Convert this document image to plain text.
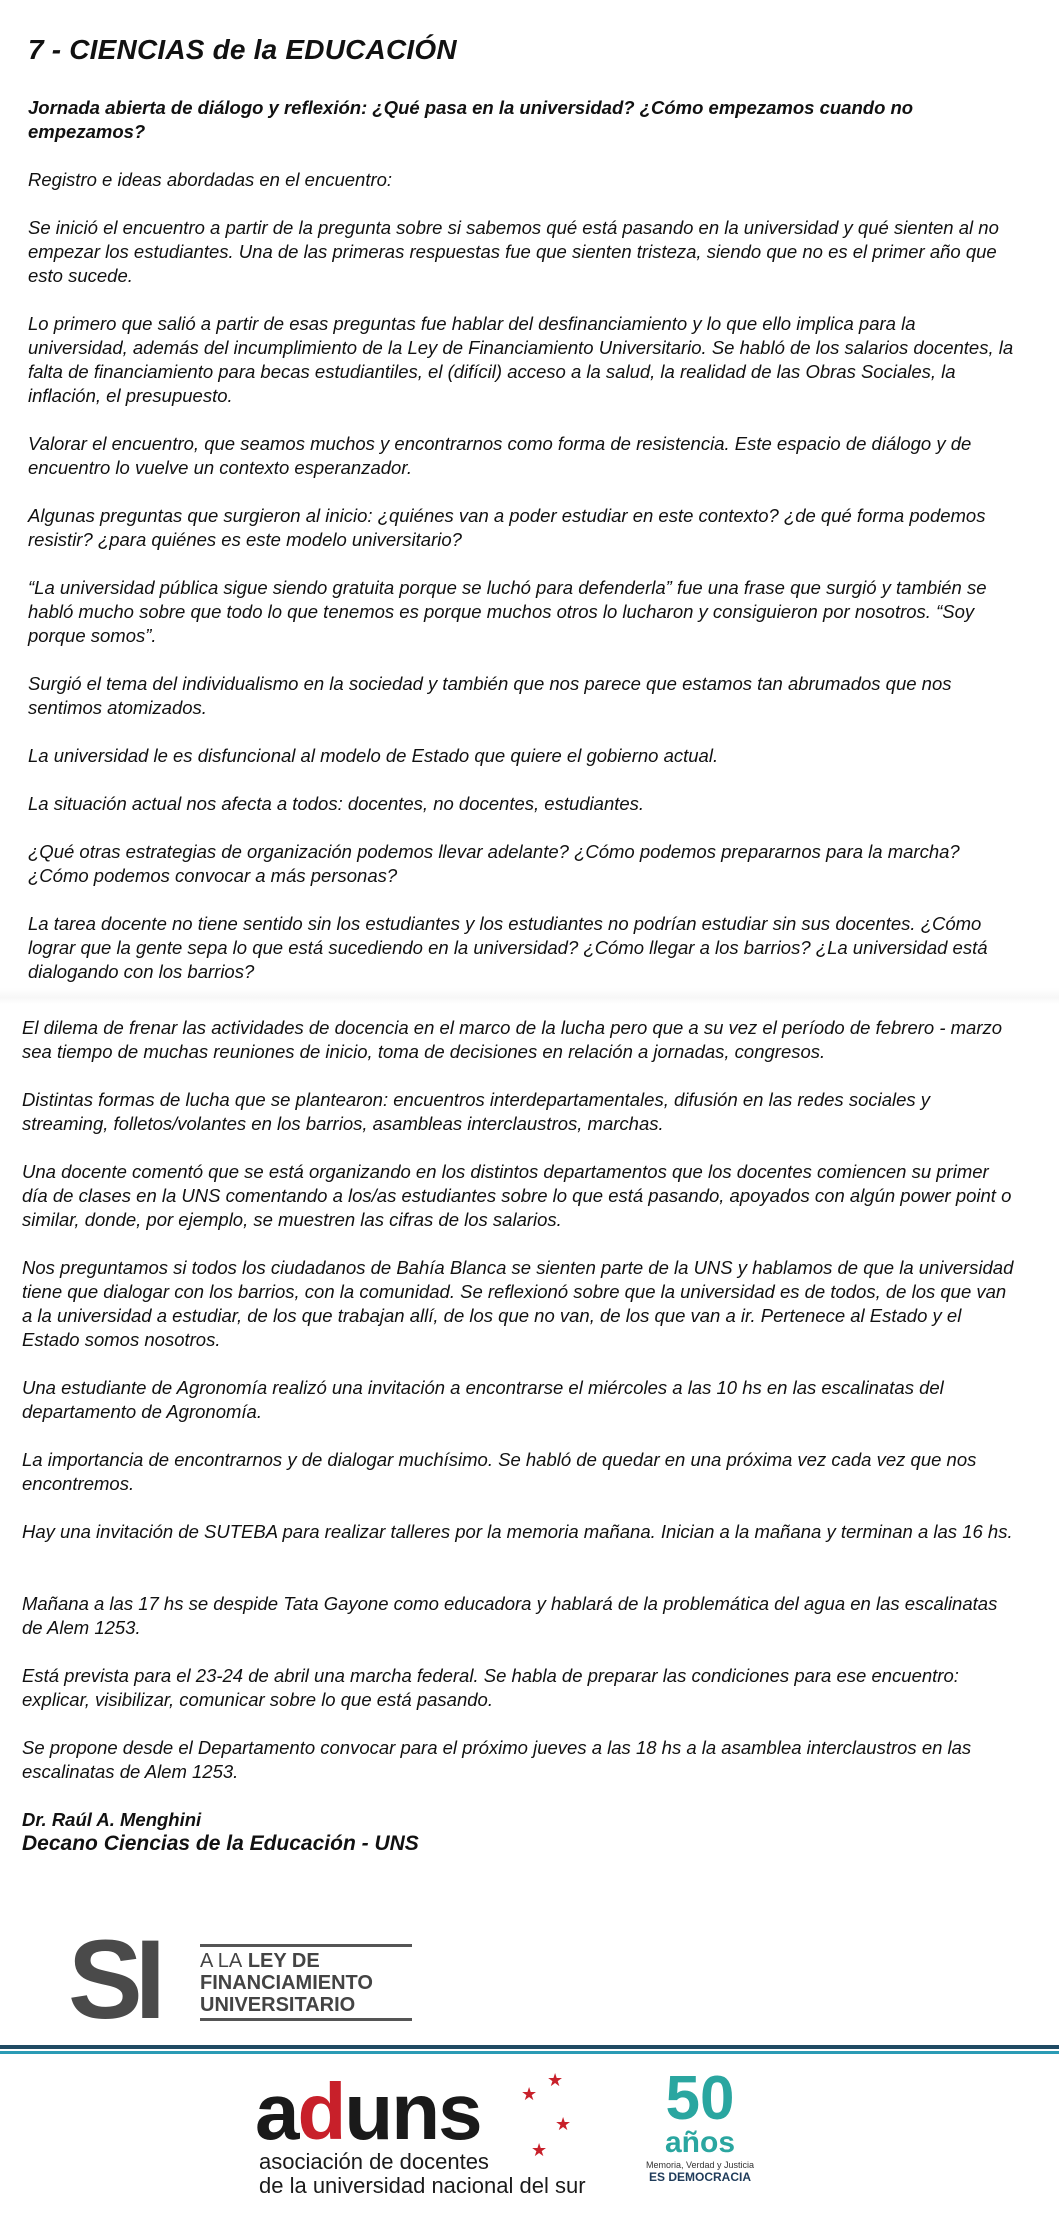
7 - CIENCIAS de la EDUCACIÓN

Jornada abierta de diálogo y reflexión: ¿Qué pasa en la universidad? ¿Cómo empezamos cuando no empezamos?

Registro e ideas abordadas en el encuentro:

Se inició el encuentro a partir de la pregunta sobre si sabemos qué está pasando en la universidad y qué sienten al no empezar los estudiantes. Una de las primeras respuestas fue que sienten tristeza, siendo que no es el primer año que esto sucede.

Lo primero que salió a partir de esas preguntas fue hablar del desfinanciamiento y lo que ello implica para la universidad, además del incumplimiento de la Ley de Financiamiento Universitario. Se habló de los salarios docentes, la falta de financiamiento para becas estudiantiles, el (difícil) acceso a la salud, la realidad de las Obras Sociales, la inflación, el presupuesto.

Valorar el encuentro, que seamos muchos y encontrarnos como forma de resistencia. Este espacio de diálogo y de encuentro lo vuelve un contexto esperanzador.

Algunas preguntas que surgieron al inicio: ¿quiénes van a poder estudiar en este contexto? ¿de qué forma podemos resistir? ¿para quiénes es este modelo universitario?

“La universidad pública sigue siendo gratuita porque se luchó para defenderla” fue una frase que surgió y también se habló mucho sobre que todo lo que tenemos es porque muchos otros lo lucharon y consiguieron por nosotros. “Soy porque somos”.

Surgió el tema del individualismo en la sociedad y también que nos parece que estamos tan abrumados que nos sentimos atomizados.

La universidad le es disfuncional al modelo de Estado que quiere el gobierno actual.

La situación actual nos afecta a todos: docentes, no docentes, estudiantes.

¿Qué otras estrategias de organización podemos llevar adelante? ¿Cómo podemos prepararnos para la marcha? ¿Cómo podemos convocar a más personas?

La tarea docente no tiene sentido sin los estudiantes y los estudiantes no podrían estudiar sin sus docentes. ¿Cómo lograr que la gente sepa lo que está sucediendo en la universidad? ¿Cómo llegar a los barrios? ¿La universidad está dialogando con los barrios?

El dilema de frenar las actividades de docencia en el marco de la lucha pero que a su vez el período de febrero - marzo sea tiempo de muchas reuniones de inicio, toma de decisiones en relación a jornadas, congresos.

Distintas formas de lucha que se plantearon: encuentros interdepartamentales, difusión en las redes sociales y streaming, folletos/volantes en los barrios, asambleas interclaustros, marchas.

Una docente comentó que se está organizando en los distintos departamentos que los docentes comiencen su primer día de clases en la UNS comentando a los/as estudiantes sobre lo que está pasando, apoyados con algún power point o similar, donde, por ejemplo, se muestren las cifras de los salarios.

Nos preguntamos si todos los ciudadanos de Bahía Blanca se sienten parte de la UNS y hablamos de que la universidad tiene que dialogar con los barrios, con la comunidad. Se reflexionó sobre que la universidad es de todos, de los que van a la universidad a estudiar, de los que trabajan allí, de los que no van, de los que van a ir. Pertenece al Estado y el Estado somos nosotros.

Una estudiante de Agronomía realizó una invitación a encontrarse el miércoles a las 10 hs en las escalinatas del departamento de Agronomía.

La importancia de encontrarnos y de dialogar muchísimo. Se habló de quedar en una próxima vez cada vez que nos encontremos.

Hay una invitación de SUTEBA para realizar talleres por la memoria mañana. Inician a la mañana y terminan a las 16 hs.

Mañana a las 17 hs se despide Tata Gayone como educadora y hablará de la problemática del agua en las escalinatas de Alem 1253.

Está prevista para el 23-24 de abril una marcha federal. Se habla de preparar las condiciones para ese encuentro: explicar, visibilizar, comunicar sobre lo que está pasando.

Se propone desde el Departamento convocar para el próximo jueves a las 18 hs a la asamblea interclaustros en las escalinatas de Alem 1253.

Dr. Raúl A. Menghini
Decano Ciencias de la Educación - UNS
SI	A LA LEY DE
FINANCIAMIENTO
UNIVERSITARIO
aduns
asociación de docentes
de la universidad nacional del sur
★
★
★
★
50
años
Memoria, Verdad y Justicia
ES DEMOCRACIA
